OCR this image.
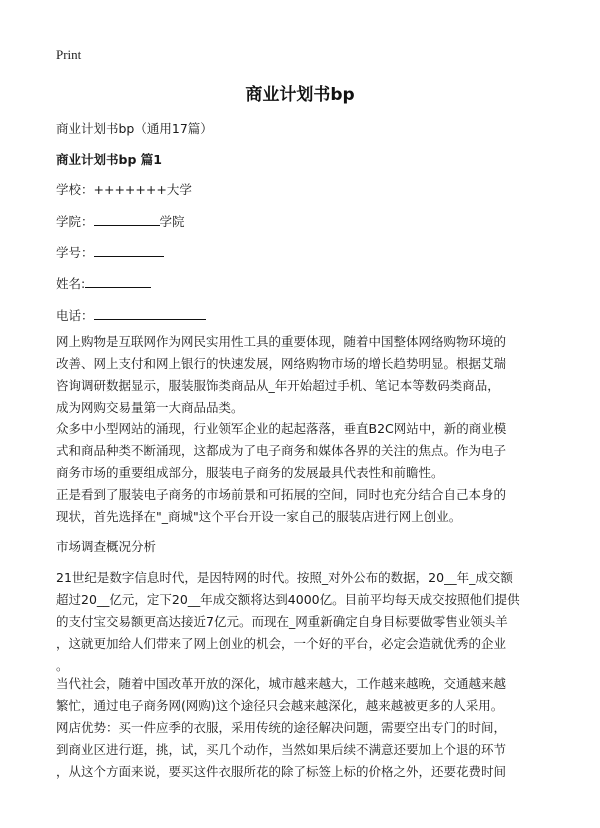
Print
商业计划书bp
商业计划书bp（通用17篇）
商业计划书bp 篇1
学校：+++++++大学
学院：	学院
学号：
姓名:
电话：
网上购物是互联网作为网民实用性工具的重要体现，随着中国整体网络购物环境的
改善、网上支付和网上银行的快速发展，网络购物市场的增长趋势明显。根据艾瑞
咨询调研数据显示，服装服饰类商品从_年开始超过手机、笔记本等数码类商品，
成为网购交易量第一大商品品类。
众多中小型网站的涌现，行业领军企业的起起落落，垂直B2C网站中，新的商业模
式和商品种类不断涌现，这都成为了电子商务和媒体各界的关注的焦点。作为电子
商务市场的重要组成部分，服装电子商务的发展最具代表性和前瞻性。
正是看到了服装电子商务的市场前景和可拓展的空间，同时也充分结合自己本身的
现状，首先选择在"_商城"这个平台开设一家自己的服装店进行网上创业。
市场调查概况分析
21世纪是数字信息时代，是因特网的时代。按照_对外公布的数据，20__年_成交额
超过20__亿元，定下20__年成交额将达到4000亿。目前平均每天成交按照他们提供
的支付宝交易额更高达接近7亿元。而现在_网重新确定自身目标要做零售业领头羊
，这就更加给人们带来了网上创业的机会，一个好的平台，必定会造就优秀的企业
。
当代社会，随着中国改革开放的深化，城市越来越大，工作越来越晚，交通越来越
繁忙，通过电子商务网(网购)这个途径只会越来越深化，越来越被更多的人采用。
网店优势：买一件应季的衣服，采用传统的途径解决问题，需要空出专门的时间，
到商业区进行逛，挑，试，买几个动作，当然如果后续不满意还要加上个退的环节
，从这个方面来说，要买这件衣服所花的除了标签上标的价格之外，还要花费时间
